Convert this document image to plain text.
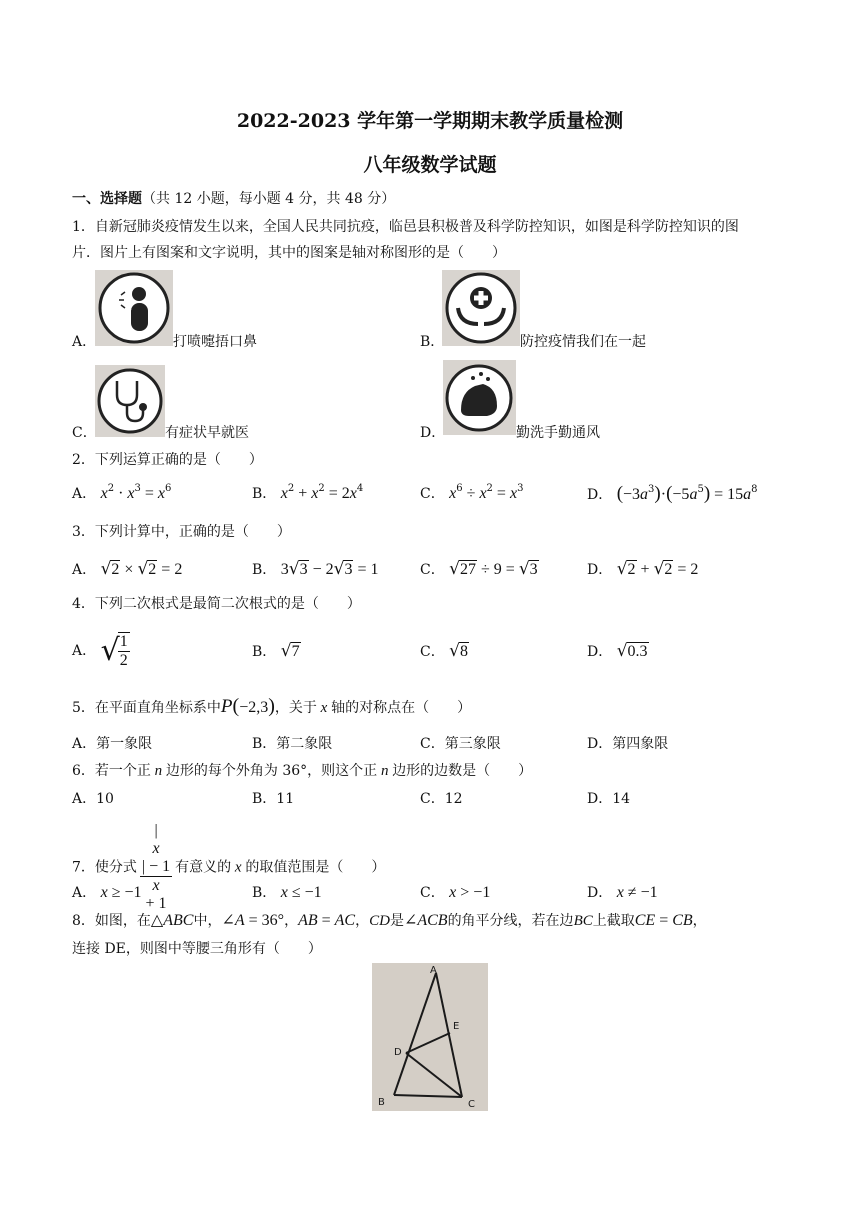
2022-2023 学年第一学期期末教学质量检测
八年级数学试题
一、选择题（共 12 小题，每小题 4 分，共 48 分）
1．自新冠肺炎疫情发生以来，全国人民共同抗疫，临邑县积极普及科学防控知识，如图是科学防控知识的图
片．图片上有图案和文字说明，其中的图案是轴对称图形的是（　　）
A．	打喷嚏捂口鼻	B．	防控疫情我们在一起
C．	有症状早就医	D．	勤洗手勤通风
2．下列运算正确的是（　　）
A． $x^2 \cdot x^3 = x^6$	B． $x^2 + x^2 = 2x^4$	C． $x^6 \div x^2 = x^3$	D． $(-3a^3)\cdot(-5a^5) = 15a^8$
3．下列计算中，正确的是（　　）
A． √2 × √2 = 2	B． 3√3 − 2√3 = 1	C． √27 ÷ 9 = √3	D． √2 + √2 = 2
4．下列二次根式是最简二次根式的是（　　）
A． √
$\frac{1}{2}$	B． √7	C． √8	D． √0.3
5．在平面直角坐标系中P(−2,3)，关于 x 轴的对称点在（　　）
A．第一象限	B．第二象限	C．第三象限	D．第四象限
6．若一个正 n 边形的每个外角为 36°，则这个正 n 边形的边数是（　　）
A．10	B．11	C．12	D．14
7．使分式 |
x
| − 1
x
+ 1 有意义的 x 的取值范围是（　　）
A． x ≥ −1	B． x ≤ −1	C． x > −1	D． x ≠ −1
8．如图，在△ABC中，∠A = 36°，AB = AC，CD是∠ACB的角平分线，若在边BC上截取CE = CB，
连接 DE，则图中等腰三角形有（　　）
A
E
D
B	C
